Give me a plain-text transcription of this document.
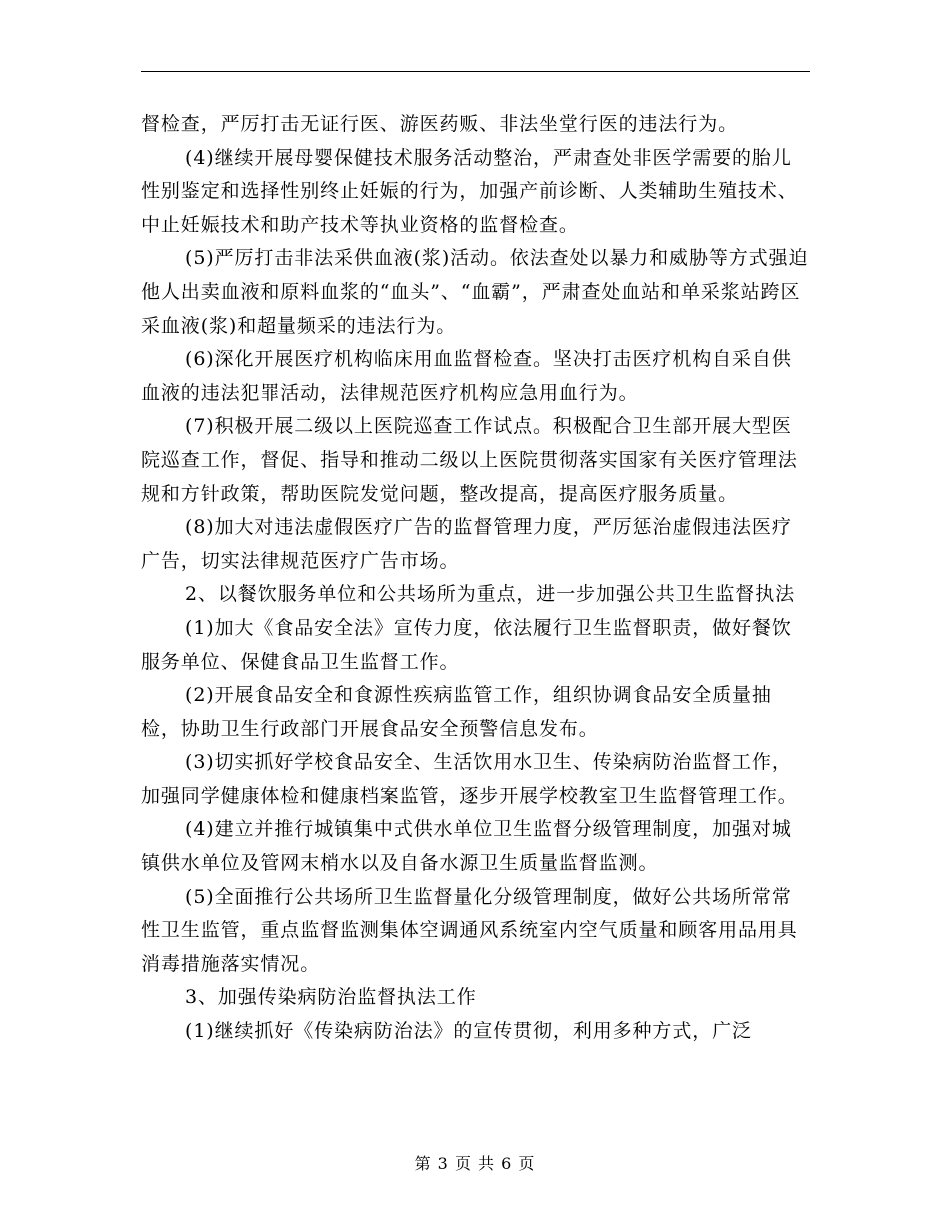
督检查，严厉打击无证行医、游医药贩、非法坐堂行医的违法行为。

(4)继续开展母婴保健技术服务活动整治，严肃查处非医学需要的胎儿性别鉴定和选择性别终止妊娠的行为，加强产前诊断、人类辅助生殖技术、中止妊娠技术和助产技术等执业资格的监督检查。

(5)严厉打击非法采供血液(浆)活动。依法查处以暴力和威胁等方式强迫他人出卖血液和原料血浆的“血头”、“血霸”，严肃查处血站和单采浆站跨区采血液(浆)和超量频采的违法行为。

(6)深化开展医疗机构临床用血监督检查。坚决打击医疗机构自采自供血液的违法犯罪活动，法律规范医疗机构应急用血行为。

(7)积极开展二级以上医院巡查工作试点。积极配合卫生部开展大型医院巡查工作，督促、指导和推动二级以上医院贯彻落实国家有关医疗管理法规和方针政策，帮助医院发觉问题，整改提高，提高医疗服务质量。

(8)加大对违法虚假医疗广告的监督管理力度，严厉惩治虚假违法医疗广告，切实法律规范医疗广告市场。

2、以餐饮服务单位和公共场所为重点，进一步加强公共卫生监督执法

(1)加大《食品安全法》宣传力度，依法履行卫生监督职责，做好餐饮服务单位、保健食品卫生监督工作。

(2)开展食品安全和食源性疾病监管工作，组织协调食品安全质量抽检，协助卫生行政部门开展食品安全预警信息发布。

(3)切实抓好学校食品安全、生活饮用水卫生、传染病防治监督工作，加强同学健康体检和健康档案监管，逐步开展学校教室卫生监督管理工作。

(4)建立并推行城镇集中式供水单位卫生监督分级管理制度，加强对城镇供水单位及管网末梢水以及自备水源卫生质量监督监测。

(5)全面推行公共场所卫生监督量化分级管理制度，做好公共场所常常性卫生监管，重点监督监测集体空调通风系统室内空气质量和顾客用品用具消毒措施落实情况。

3、加强传染病防治监督执法工作

(1)继续抓好《传染病防治法》的宣传贯彻，利用多种方式，广泛

第 3 页 共 6 页
